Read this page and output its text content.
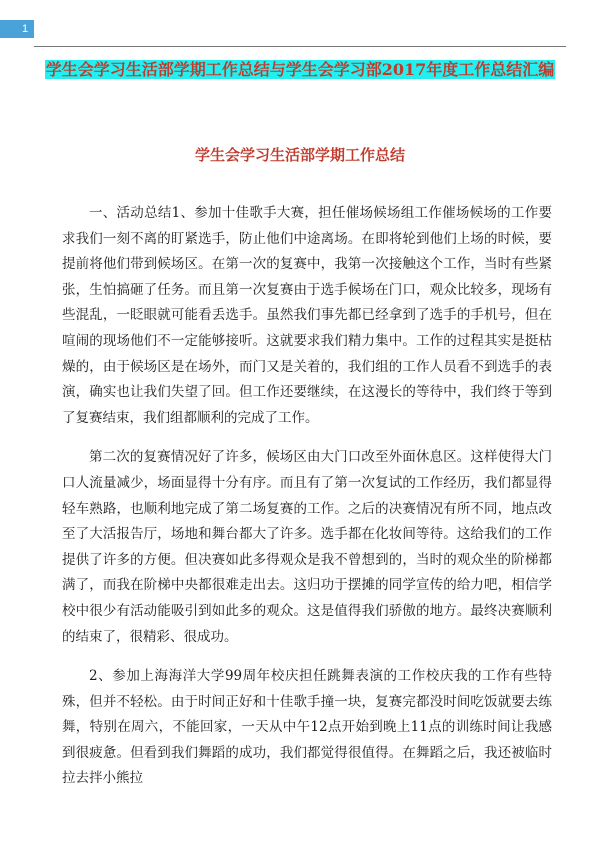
1
学生会学习生活部学期工作总结与学生会学习部2017年度工作总结汇编
学生会学习生活部学期工作总结

一、活动总结1、参加十佳歌手大赛，担任催场候场组工作催场候场的工作要求我们一刻不离的盯紧选手，防止他们中途离场。在即将轮到他们上场的时候，要提前将他们带到候场区。在第一次的复赛中，我第一次接触这个工作，当时有些紧张，生怕搞砸了任务。而且第一次复赛由于选手候场在门口，观众比较多，现场有些混乱，一眨眼就可能看丢选手。虽然我们事先都已经拿到了选手的手机号，但在喧闹的现场他们不一定能够接听。这就要求我们精力集中。工作的过程其实是挺枯燥的，由于候场区是在场外，而门又是关着的，我们组的工作人员看不到选手的表演，确实也让我们失望了回。但工作还要继续，在这漫长的等待中，我们终于等到了复赛结束，我们组都顺利的完成了工作。

第二次的复赛情况好了许多，候场区由大门口改至外面休息区。这样使得大门口人流量减少，场面显得十分有序。而且有了第一次复试的工作经历，我们都显得轻车熟路，也顺利地完成了第二场复赛的工作。之后的决赛情况有所不同，地点改至了大活报告厅，场地和舞台都大了许多。选手都在化妆间等待。这给我们的工作提供了许多的方便。但决赛如此多得观众是我不曾想到的，当时的观众坐的阶梯都满了，而我在阶梯中央都很难走出去。这归功于摆摊的同学宣传的给力吧，相信学校中很少有活动能吸引到如此多的观众。这是值得我们骄傲的地方。最终决赛顺利的结束了，很精彩、很成功。

2、参加上海海洋大学99周年校庆担任跳舞表演的工作校庆我的工作有些特殊，但并不轻松。由于时间正好和十佳歌手撞一块，复赛完都没时间吃饭就要去练舞，特别在周六，不能回家，一天从中午12点开始到晚上11点的训练时间让我感到很疲惫。但看到我们舞蹈的成功，我们都觉得很值得。在舞蹈之后，我还被临时拉去拌小熊拉
